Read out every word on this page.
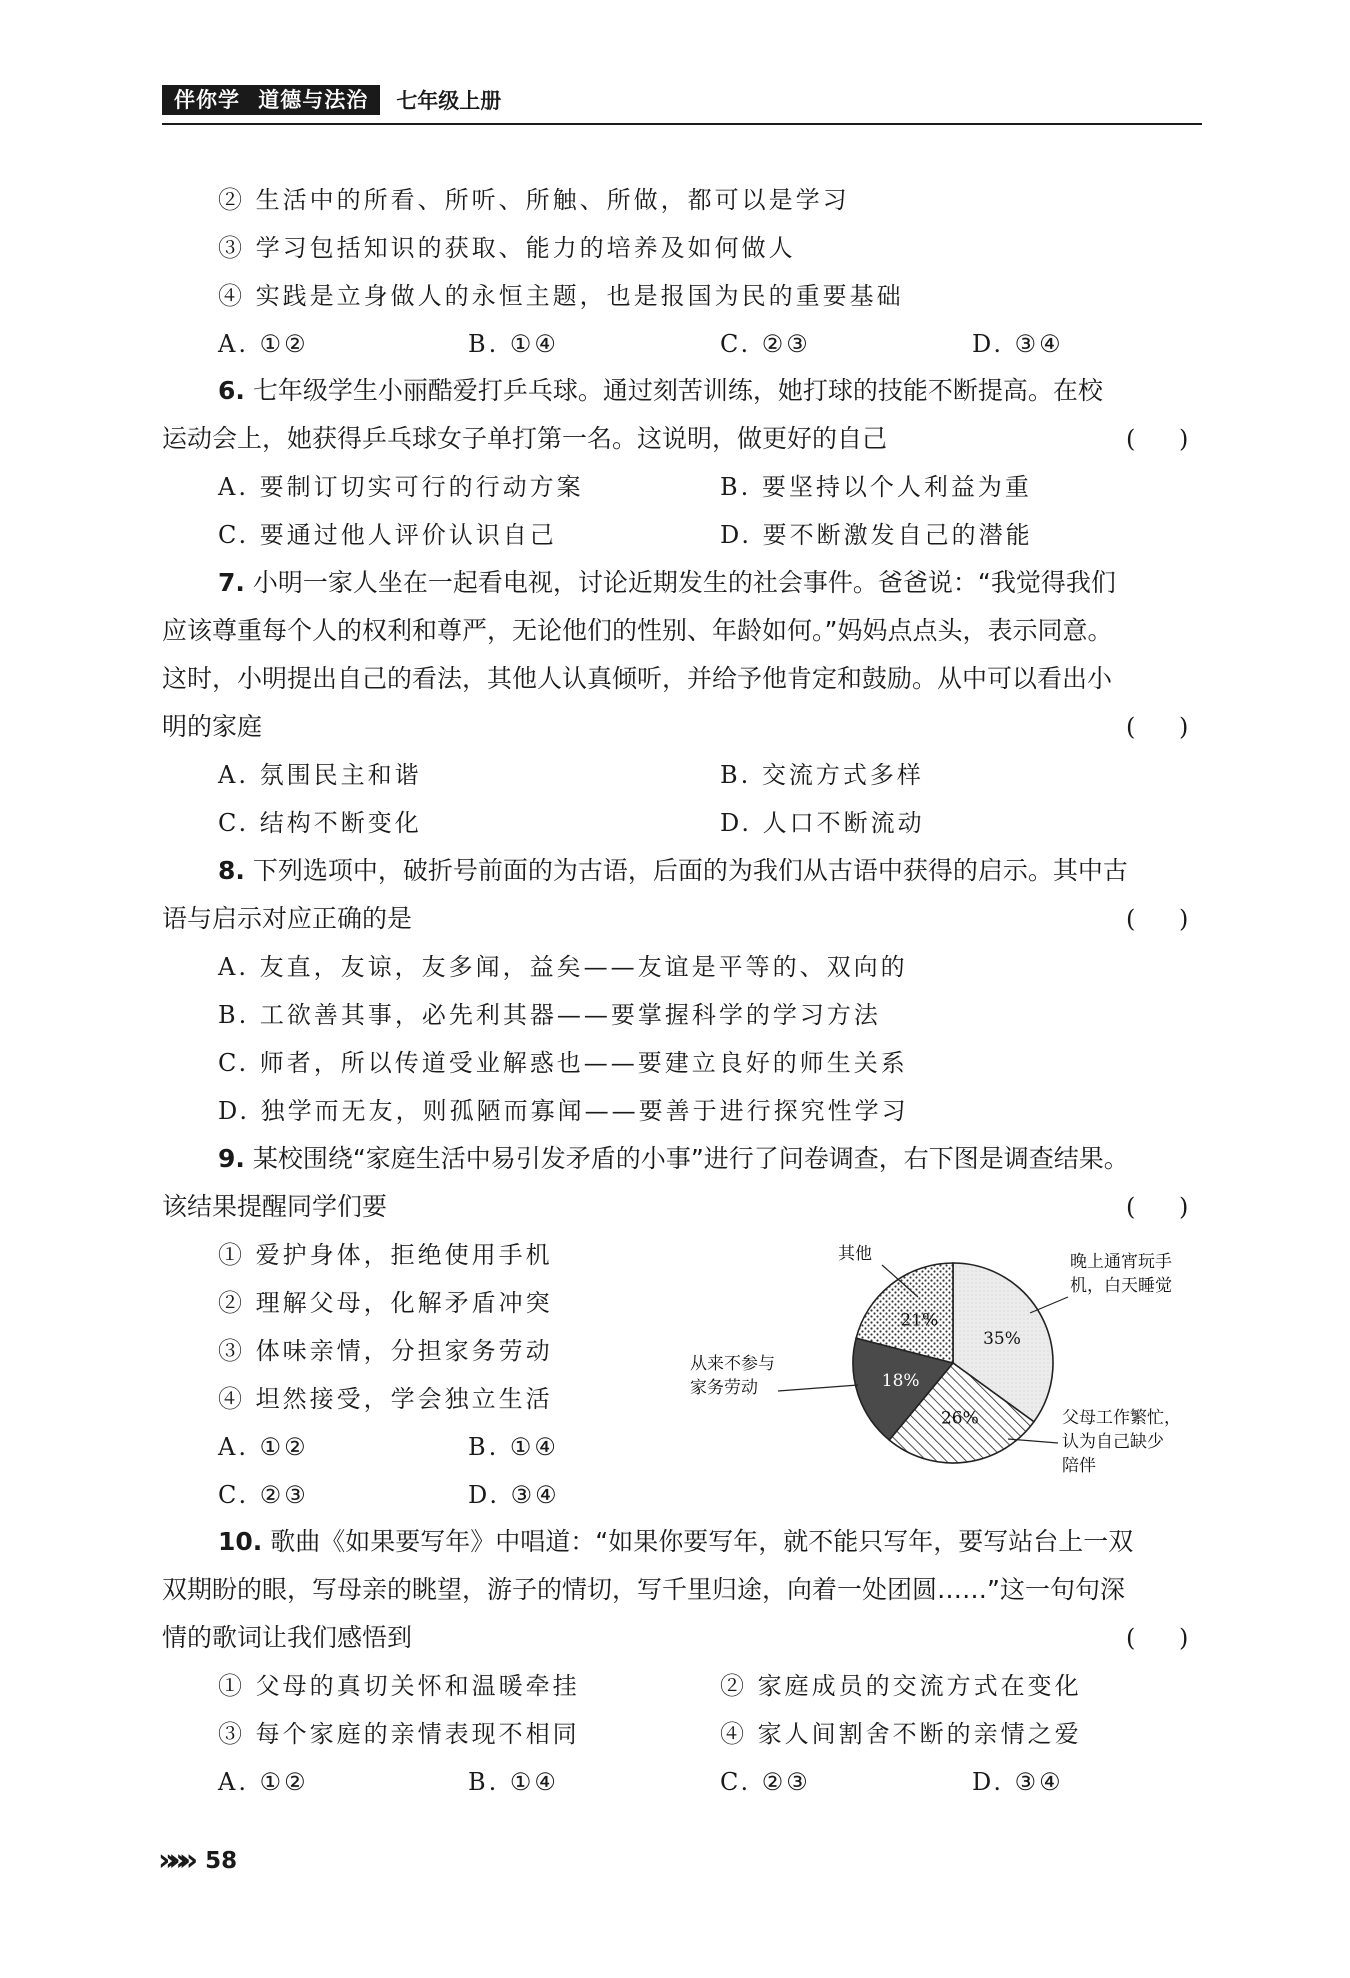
伴你学 道德与法治	七年级上册
② 生活中的所看、所听、所触、所做，都可以是学习
③ 学习包括知识的获取、能力的培养及如何做人
④ 实践是立身做人的永恒主题，也是报国为民的重要基础
A. ①②	B. ①④	C. ②③	D. ③④
6. 七年级学生小丽酷爱打乒乓球。通过刻苦训练，她打球的技能不断提高。在校
运动会上，她获得乒乓球女子单打第一名。这说明，做更好的自己	( )
A. 要制订切实可行的行动方案	B. 要坚持以个人利益为重
C. 要通过他人评价认识自己	D. 要不断激发自己的潜能
7. 小明一家人坐在一起看电视，讨论近期发生的社会事件。爸爸说：“我觉得我们
应该尊重每个人的权利和尊严，无论他们的性别、年龄如何。”妈妈点点头，表示同意。
这时，小明提出自己的看法，其他人认真倾听，并给予他肯定和鼓励。从中可以看出小
明的家庭	( )
A. 氛围民主和谐	B. 交流方式多样
C. 结构不断变化	D. 人口不断流动
8. 下列选项中，破折号前面的为古语，后面的为我们从古语中获得的启示。其中古
语与启示对应正确的是	( )
A. 友直，友谅，友多闻，益矣——友谊是平等的、双向的
B. 工欲善其事，必先利其器——要掌握科学的学习方法
C. 师者，所以传道受业解惑也——要建立良好的师生关系
D. 独学而无友，则孤陋而寡闻——要善于进行探究性学习
9. 某校围绕“家庭生活中易引发矛盾的小事”进行了问卷调查，右下图是调查结果。
该结果提醒同学们要	( )
① 爱护身体，拒绝使用手机
② 理解父母，化解矛盾冲突
③ 体味亲情，分担家务劳动
④ 坦然接受，学会独立生活
A. ①②	B. ①④
C. ②③	D. ③④
35%
26%
18%
21%
晚上通宵玩手
机，白天睡觉
父母工作繁忙，
认为自己缺少
陪伴
从来不参与
家务劳动
其他
10. 歌曲《如果要写年》中唱道：“如果你要写年，就不能只写年，要写站台上一双
双期盼的眼，写母亲的眺望，游子的情切，写千里归途，向着一处团圆……”这一句句深
情的歌词让我们感悟到	( )
① 父母的真切关怀和温暖牵挂	② 家庭成员的交流方式在变化
③ 每个家庭的亲情表现不相同	④ 家人间割舍不断的亲情之爱
A. ①②	B. ①④	C. ②③	D. ③④
»»» 58
